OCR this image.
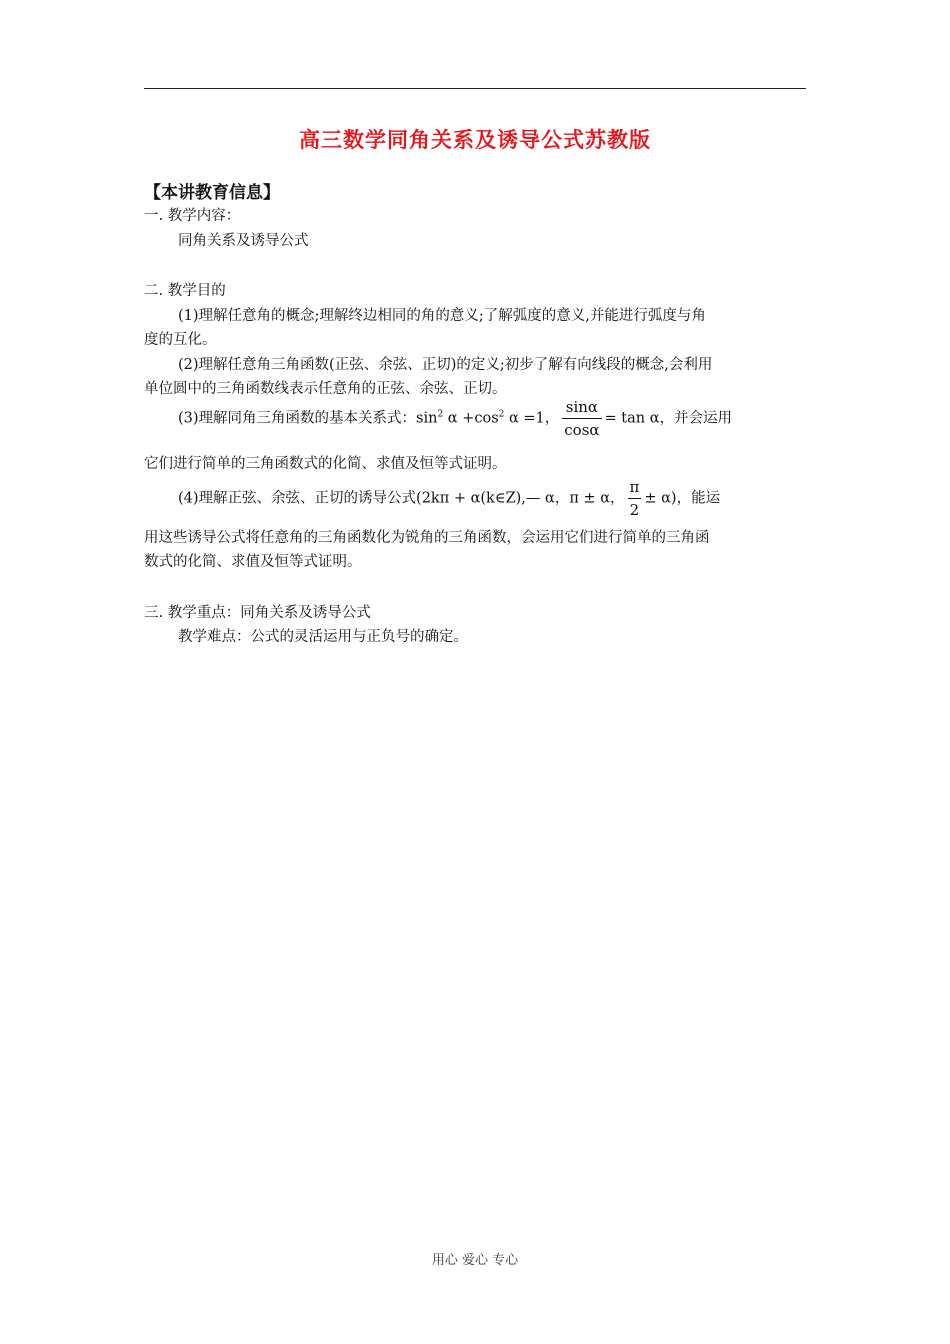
高三数学同角关系及诱导公式苏教版
【本讲教育信息】
一. 教学内容：
同角关系及诱导公式
二. 教学目的
(1)理解任意角的概念;理解终边相同的角的意义;了解弧度的意义,并能进行弧度与角
度的互化。
(2)理解任意角三角函数(正弦、余弦、正切)的定义;初步了解有向线段的概念,会利用
单位圆中的三角函数线表示任意角的正弦、余弦、正切。
(3)理解同角三角函数的基本关系式：$\sin^2 \alpha +\cos^2$ α =1， $\frac{\sin\alpha}{\cos\alpha} = \tan \alpha$，并会运用
它们进行简单的三角函数式的化简、求值及恒等式证明。
(4)理解正弦、余弦、正切的诱导公式(2kπ + α(k∈Z),— α，π ± α， $\frac{\pi}{2} \pm \alpha$)，能运
用这些诱导公式将任意角的三角函数化为锐角的三角函数，会运用它们进行简单的三角函
数式的化简、求值及恒等式证明。
三. 教学重点：同角关系及诱导公式
教学难点：公式的灵活运用与正负号的确定。
用心 爱心 专心
